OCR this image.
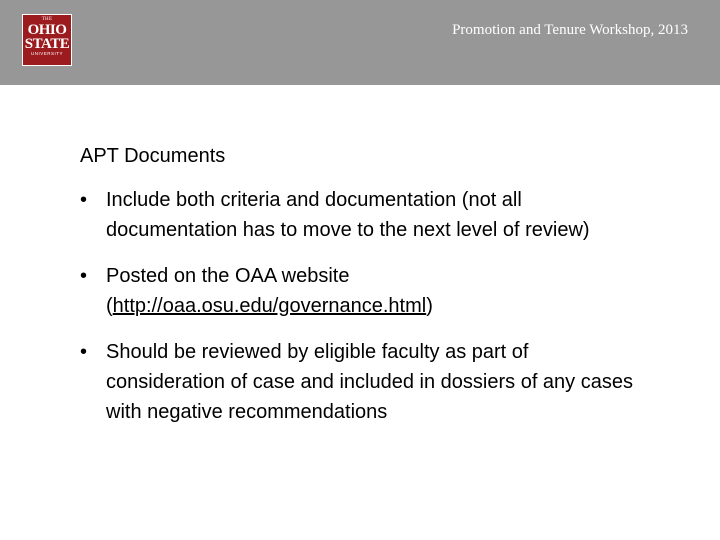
THE
OHIO STATE
UNIVERSITY
Promotion and Tenure Workshop, 2013
APT Documents
• Include both criteria and documentation (not all documentation has to move to the next level of review)
• Posted on the OAA website (http://oaa.osu.edu/governance.html)
• Should be reviewed by eligible faculty as part of consideration of case and included in dossiers of any cases with negative recommendations
